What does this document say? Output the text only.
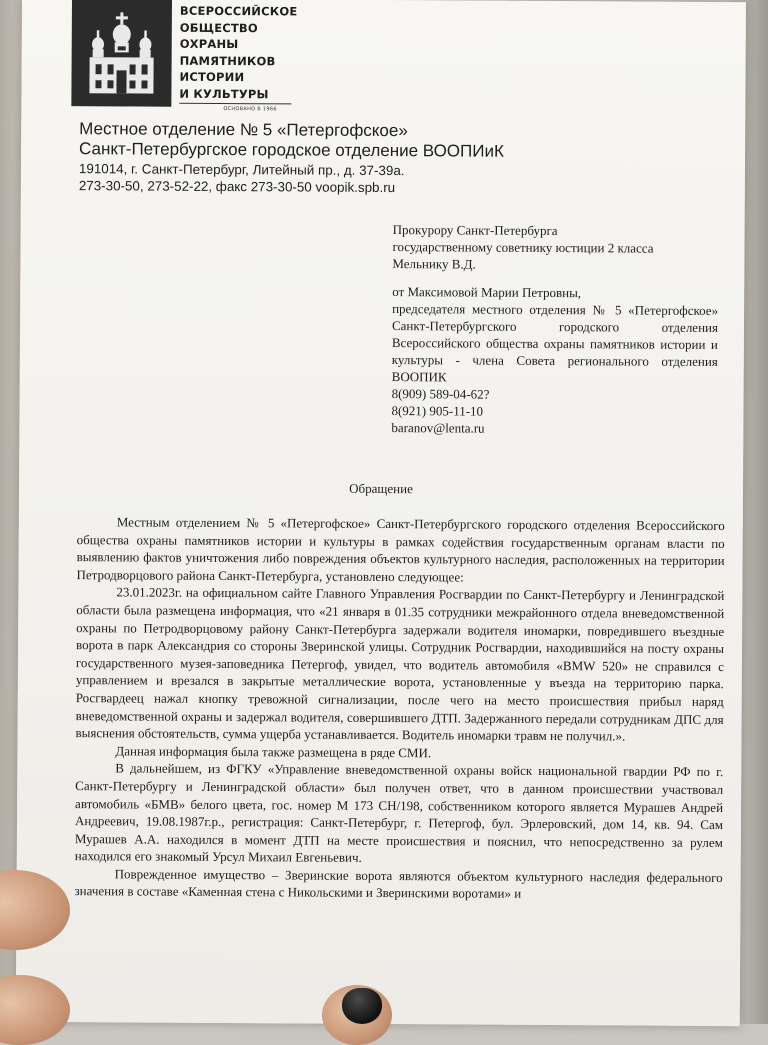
ВСЕРОССИЙСКОЕ
ОБЩЕСТВО
ОХРАНЫ
ПАМЯТНИКОВ
ИСТОРИИ
И КУЛЬТУРЫ
ОСНОВАНО В 1966
Местное отделение № 5 «Петергофское»
Санкт-Петербургское городское отделение ВООПИиК
191014, г. Санкт-Петербург, Литейный пр., д. 37-39а.
273-30-50, 273-52-22, факс 273-30-50 voopik.spb.ru
Прокурору Санкт-Петербурга
государственному советнику юстиции 2 класса
Мельнику В.Д.
от Максимовой Марии Петровны,
председателя местного отделения № 5 «Петергофское» Санкт-Петербургского городского отделения Всероссийского общества охраны памятников истории и культуры - члена Совета регионального отделения ВООПИК
8(909) 589-04-62?
8(921) 905-11-10
baranov@lenta.ru
Обращение

Местным отделением № 5 «Петергофское» Санкт-Петербургского городского отделения Всероссийского общества охраны памятников истории и культуры в рамках содействия государственным органам власти по выявлению фактов уничтожения либо повреждения объектов культурного наследия, расположенных на территории Петродворцового района Санкт-Петербурга, установлено следующее:

23.01.2023г. на официальном сайте Главного Управления Росгвардии по Санкт-Петербургу и Ленинградской области была размещена информация, что «21 января в 01.35 сотрудники межрайонного отдела вневедомственной охраны по Петродворцовому району Санкт-Петербурга задержали водителя иномарки, повредившего въездные ворота в парк Александрия со стороны Зверинской улицы. Сотрудник Росгвардии, находившийся на посту охраны государственного музея-заповедника Петергоф, увидел, что водитель автомобиля «BMW 520» не справился с управлением и врезался в закрытые металлические ворота, установленные у въезда на территорию парка. Росгвардеец нажал кнопку тревожной сигнализации, после чего на место происшествия прибыл наряд вневедомственной охраны и задержал водителя, совершившего ДТП. Задержанного передали сотрудникам ДПС для выяснения обстоятельств, сумма ущерба устанавливается. Водитель иномарки травм не получил.».

Данная информация была также размещена в ряде СМИ.

В дальнейшем, из ФГКУ «Управление вневедомственной охраны войск национальной гвардии РФ по г. Санкт-Петербургу и Ленинградской области» был получен ответ, что в данном происшествии участвовал автомобиль «БМВ» белого цвета, гос. номер М 173 СН/198, собственником которого является Мурашев Андрей Андреевич, 19.08.1987г.р., регистрация: Санкт-Петербург, г. Петергоф, бул. Эрлеровский, дом 14, кв. 94. Сам Мурашев А.А. находился в момент ДТП на месте происшествия и пояснил, что непосредственно за рулем находился его знакомый Урсул Михаил Евгеньевич.

Поврежденное имущество – Зверинские ворота являются объектом культурного наследия федерального значения в составе «Каменная стена с Никольскими и Зверинскими воротами» и
